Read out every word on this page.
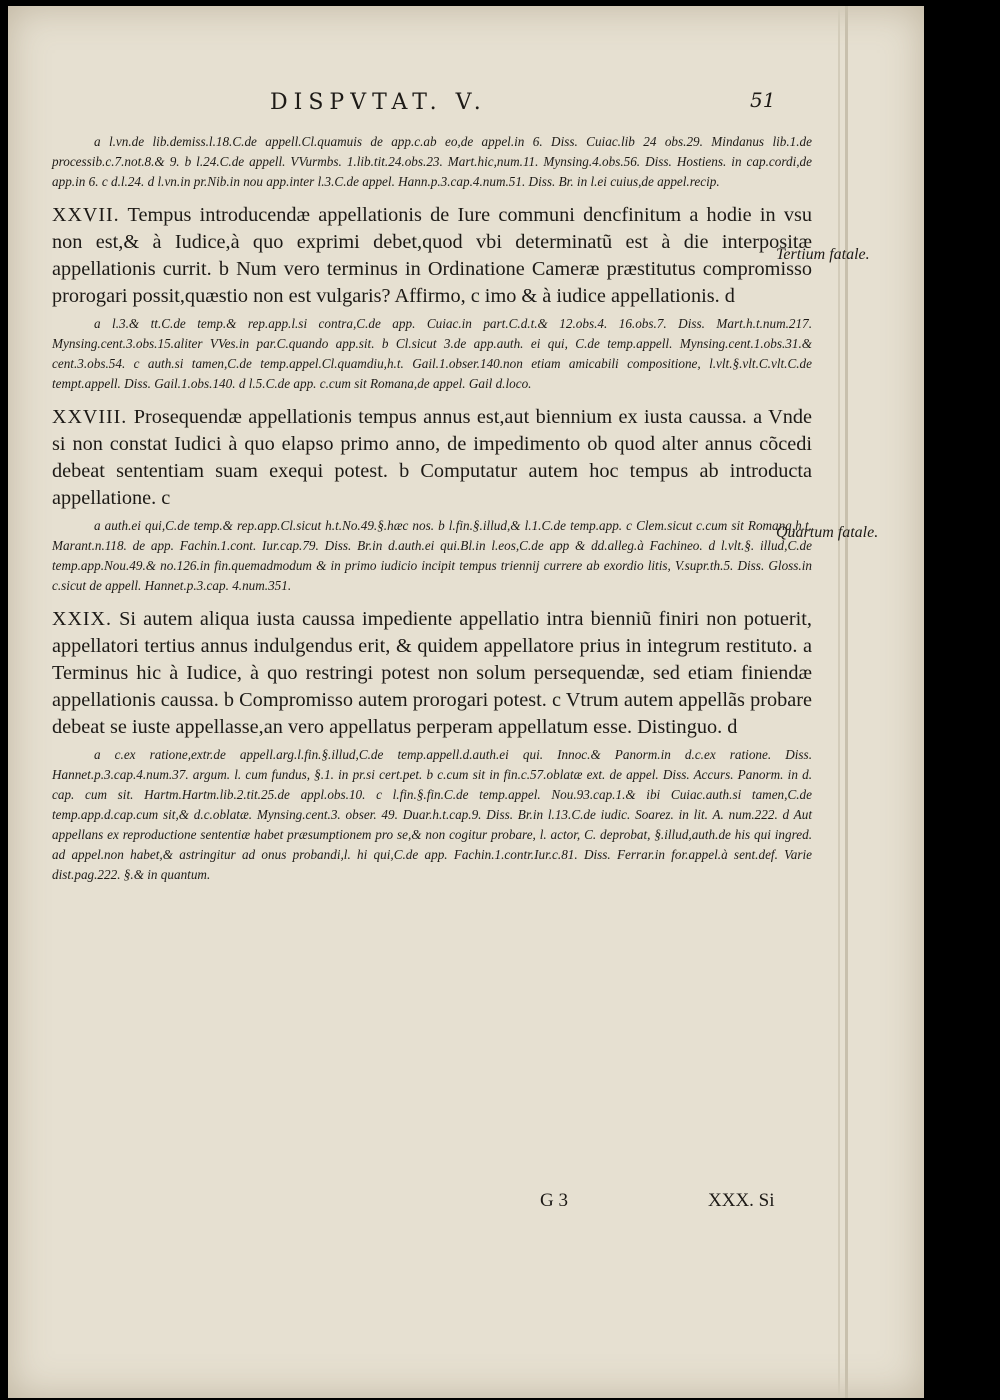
DISPVTAT. V.	51

a l.vn.de lib.demiss.l.18.C.de appell.Cl.quamuis de app.c.ab eo,de appel.in 6. Diss. Cuiac.lib 24 obs.29. Mindanus lib.1.de processib.c.7.not.8.& 9. b l.24.C.de appell. VVurmbs. 1.lib.tit.24.obs.23. Mart.hic,num.11. Mynsing.4.obs.56. Diss. Hostiens. in cap.cordi,de app.in 6. c d.l.24. d l.vn.in pr.Nib.in nou app.inter l.3.C.de appel. Hann.p.3.cap.4.num.51. Diss. Br. in l.ei cuius,de appel.recip.

XXVII. Tempus introducendæ appellationis de Iure communi dencfinitum a hodie in vsu non est,& à Iudice,à quo exprimi debet,quod vbi determinatũ est à die interpositæ appellationis currit. b Num vero terminus in Ordinatione Cameræ præstitutus compromisso prorogari possit,quæstio non est vulgaris? Affirmo, c imo & à iudice appellationis. d

a l.3.& tt.C.de temp.& rep.app.l.si contra,C.de app. Cuiac.in part.C.d.t.& 12.obs.4. 16.obs.7. Diss. Mart.h.t.num.217. Mynsing.cent.3.obs.15.aliter VVes.in par.C.quando app.sit. b Cl.sicut 3.de app.auth. ei qui, C.de temp.appell. Mynsing.cent.1.obs.31.& cent.3.obs.54. c auth.si tamen,C.de temp.appel.Cl.quamdiu,h.t. Gail.1.obser.140.non etiam amicabili compositione, l.vlt.§.vlt.C.vlt.C.de tempt.appell. Diss. Gail.1.obs.140. d l.5.C.de app. c.cum sit Romana,de appel. Gail d.loco.

XXVIII. Prosequendæ appellationis tempus annus est,aut biennium ex iusta caussa. a Vnde si non constat Iudici à quo elapso primo anno, de impedimento ob quod alter annus cõcedi debeat sententiam suam exequi potest. b Computatur autem hoc tempus ab introducta appellatione. c

a auth.ei qui,C.de temp.& rep.app.Cl.sicut h.t.No.49.§.hæc nos. b l.fin.§.illud,& l.1.C.de temp.app. c Clem.sicut c.cum sit Romana,h.t. Marant.n.118. de app. Fachin.1.cont. Iur.cap.79. Diss. Br.in d.auth.ei qui.Bl.in l.eos,C.de app & dd.alleg.à Fachineo. d l.vlt.§. illud,C.de temp.app.Nou.49.& no.126.in fin.quemadmodum & in primo iudicio incipit tempus triennij currere ab exordio litis, V.supr.th.5. Diss. Gloss.in c.sicut de appell. Hannet.p.3.cap. 4.num.351.

XXIX. Si autem aliqua iusta caussa impediente appellatio intra bienniũ finiri non potuerit, appellatori tertius annus indulgendus erit, & quidem appellatore prius in integrum restituto. a Terminus hic à Iudice, à quo restringi potest non solum persequendæ, sed etiam finiendæ appellationis caussa. b Compromisso autem prorogari potest. c Vtrum autem appellãs probare debeat se iuste appellasse,an vero appellatus perperam appellatum esse. Distinguo. d

a c.ex ratione,extr.de appell.arg.l.fin.§.illud,C.de temp.appell.d.auth.ei qui. Innoc.& Panorm.in d.c.ex ratione. Diss. Hannet.p.3.cap.4.num.37. argum. l. cum fundus, §.1. in pr.si cert.pet. b c.cum sit in fin.c.57.oblatæ ext. de appel. Diss. Accurs. Panorm. in d. cap. cum sit. Hartm.Hartm.lib.2.tit.25.de appl.obs.10. c l.fin.§.fin.C.de temp.appel. Nou.93.cap.1.& ibi Cuiac.auth.si tamen,C.de temp.app.d.cap.cum sit,& d.c.oblatæ. Mynsing.cent.3. obser. 49. Duar.h.t.cap.9. Diss. Br.in l.13.C.de iudic. Soarez. in lit. A. num.222. d Aut appellans ex reproductione sententiæ habet præsumptionem pro se,& non cogitur probare, l. actor, C. deprobat, §.illud,auth.de his qui ingred. ad appel.non habet,& astringitur ad onus probandi,l. hi qui,C.de app. Fachin.1.contr.Iur.c.81. Diss. Ferrar.in for.appel.à sent.def. Varie dist.pag.222. §.& in quantum.

Tertium fatale.
Quartum fatale.
G 3	XXX. Si
